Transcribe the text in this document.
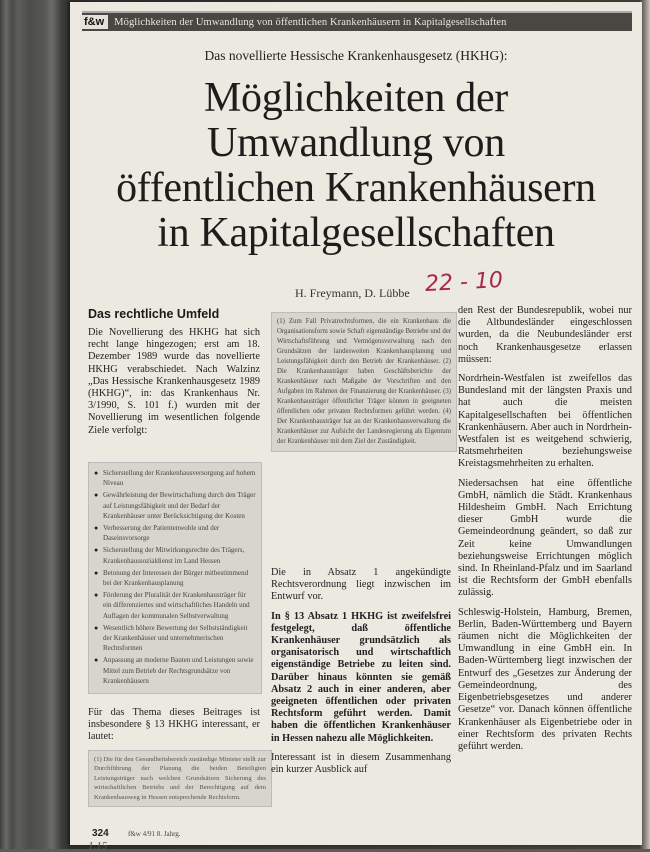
f&w Möglichkeiten der Umwandlung von öffentlichen Krankenhäusern in Kapitalgesellschaften
Das novellierte Hessische Krankenhausgesetz (HKHG):
Möglichkeiten der
Umwandlung von
öffentlichen Krankenhäusern
in Kapitalgesellschaften
H. Freymann, D. Lübbe 22 - 10
Das rechtliche Umfeld

Die Novellierung des HKHG hat sich recht lange hingezogen; erst am 18. Dezember 1989 wurde das novellierte HKHG verabschiedet. Nach Walzinz „Das Hessische Krankenhausgesetz 1989 (HKHG)“, in: das Krankenhaus Nr. 3/1990, S. 101 f.) wurden mit der Novellierung im wesentlichen folgende Ziele verfolgt:

● Sicherstellung der Krankenhausversorgung auf hohem Niveau
● Gewährleistung der Bewirtschaftung durch den Träger auf Leistungsfähigkeit und der Bedarf der Krankenhäuser unter Berücksichtigung der Kosten
● Verbesserung der Patientenwohle und der Daseinsvorsorge
● Sicherstellung der Mitwirkungsrechte des Trägers, Krankenhaussozialdienst im Land Hessen
● Betonung der Interessen der Bürger mitbestimmend bei der Krankenhausplanung
● Förderung der Pluralität der Krankenhausträger für ein differenziertes und wirtschaftliches Handeln und Auflagen der kommunalen Selbstverwaltung
● Wesentlich höhere Bewertung der Selbstständigkeit der Krankenhäuser und unternehmerischen Rechtsformen
● Anpassung an moderne Bauten und Leistungen sowie Mittel zum Betrieb der Rechtsgrundsätze von Krankenhäusern

Für das Thema dieses Beitrages ist insbesondere § 13 HKHG interessant, er lautet:

(1) Die für den Gesundheitsbereich zuständige Minister stellt zur Durchführung der Planung die beiden Beteiligten Leistungsträger nach welchen Grundsätzen Sicherung des wirtschaftlichen Betriebs und der Berechtigung auf dem Krankenhausweg in Hessen entsprechende Rechtsform.
(1) Zum Fall Privatrechtsformen, die ein Krankenhaus die Organisationsform sowie Schaft eigenständige Betriebe und der Wirtschaftsführung und Vermögensverwaltung nach den Grundsätzen der landesweiten Krankenhausplanung und Leistungsfähigkeit durch den Betrieb der Krankenhäuser. (2) Die Krankenhausträger haben Geschäftsberichte der Krankenhäuser nach Maßgabe der Vorschriften und den Aufgaben im Rahmen der Finanzierung der Krankenhäuser. (3) Krankenhausträger öffentlicher Träger können in geeigneten öffentlichen oder privaten Rechtsformen geführt werden. (4) Der Krankenhausträger hat an der Krankenhausverwaltung die Krankenhäuser zur Aufsicht der Landesregierung als Eigentum der Krankenhäuser mit dem Ziel der Zuständigkeit.

Die in Absatz 1 angekündigte Rechtsverordnung liegt inzwischen im Entwurf vor.

In § 13 Absatz 1 HKHG ist zweifelsfrei festgelegt, daß öffentliche Krankenhäuser grundsätzlich als organisatorisch und wirtschaftlich eigenständige Betriebe zu leiten sind. Darüber hinaus könnten sie gemäß Absatz 2 auch in einer anderen, aber geeigneten öffentlichen oder privaten Rechtsform geführt werden. Damit haben die öffentlichen Krankenhäuser in Hessen nahezu alle Möglichkeiten.

Interessant ist in diesem Zusammenhang ein kurzer Ausblick auf

den Rest der Bundesrepublik, wobei nur die Altbundesländer eingeschlossen wurden, da die Neubundesländer erst noch Krankenhausgesetze erlassen müssen:

Nordrhein-Westfalen ist zweifellos das Bundesland mit der längsten Praxis und hat auch die meisten Kapitalgesellschaften bei öffentlichen Krankenhäusern. Aber auch in Nordrhein-Westfalen ist es weitgehend schwierig, Ratsmehrheiten beziehungsweise Kreistagsmehrheiten zu erhalten.

Niedersachsen hat eine öffentliche GmbH, nämlich die Städt. Krankenhaus Hildesheim GmbH. Nach Errichtung dieser GmbH wurde die Gemeindeordnung geändert, so daß zur Zeit keine Umwandlungen beziehungsweise Errichtungen möglich sind. In Rheinland-Pfalz und im Saarland ist die Rechtsform der GmbH ebenfalls zulässig.

Schleswig-Holstein, Hamburg, Bremen, Berlin, Baden-Württemberg und Bayern räumen nicht die Möglichkeiten der Umwandlung in eine GmbH ein. In Baden-Württemberg liegt inzwischen der Entwurf des „Gesetzes zur Änderung der Gemeindeordnung, des Eigenbetriebsgesetzes und anderer Gesetze“ vor. Danach können öffentliche Krankenhäuser als Eigenbetriebe oder in einer Rechtsform des privaten Rechts geführt werden.

324	f&w 4/91 8. Jahrg.
1.15
